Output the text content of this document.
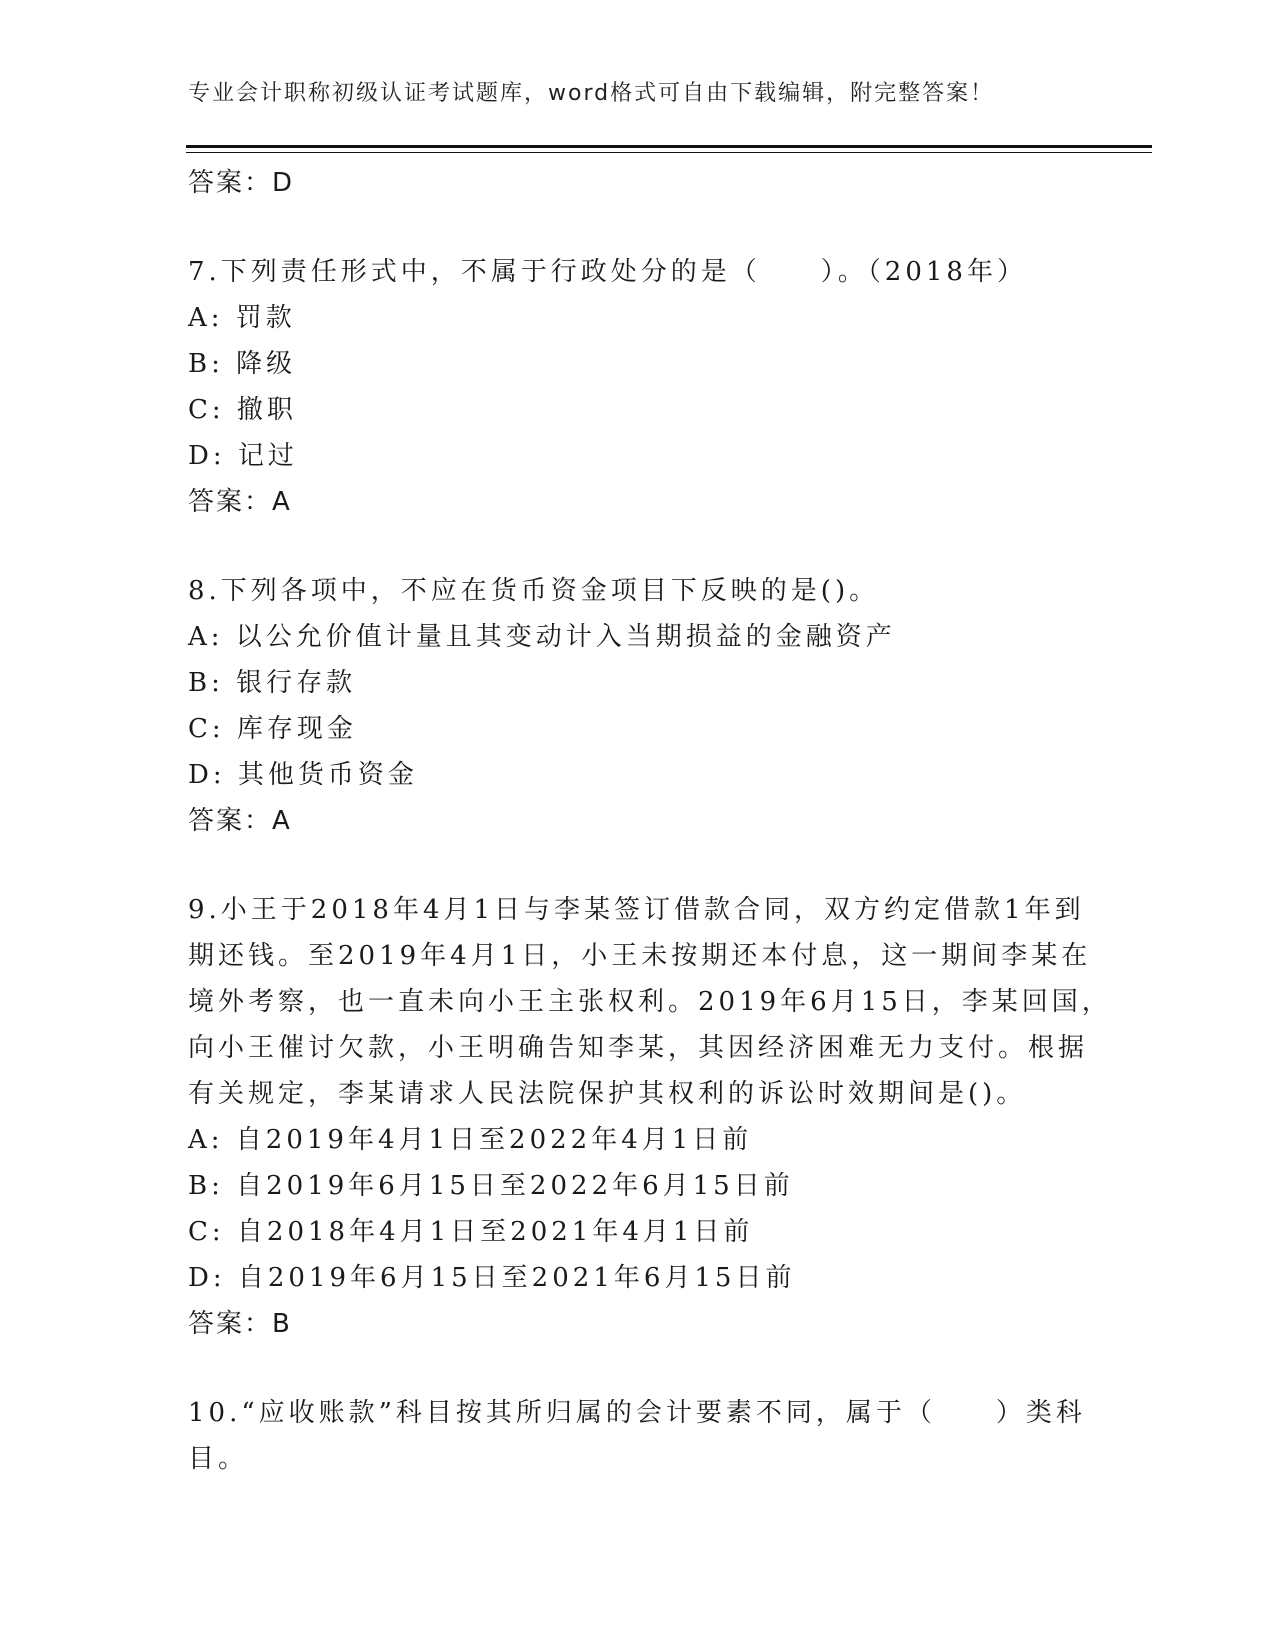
专业会计职称初级认证考试题库，word格式可自由下载编辑，附完整答案！
答案：D
7.下列责任形式中，不属于行政处分的是（　　）。（2018年）
A: 罚款
B: 降级
C: 撤职
D: 记过
答案：A
8.下列各项中，不应在货币资金项目下反映的是()。
A: 以公允价值计量且其变动计入当期损益的金融资产
B: 银行存款
C: 库存现金
D: 其他货币资金
答案：A
9.小王于2018年4月1日与李某签订借款合同，双方约定借款1年到
期还钱。至2019年4月1日，小王未按期还本付息，这一期间李某在
境外考察，也一直未向小王主张权利。2019年6月15日，李某回国，
向小王催讨欠款，小王明确告知李某，其因经济困难无力支付。根据
有关规定，李某请求人民法院保护其权利的诉讼时效期间是()。
A: 自2019年4月1日至2022年4月1日前
B: 自2019年6月15日至2022年6月15日前
C: 自2018年4月1日至2021年4月1日前
D: 自2019年6月15日至2021年6月15日前
答案：B
10.“应收账款”科目按其所归属的会计要素不同，属于（　　）类科
目。
